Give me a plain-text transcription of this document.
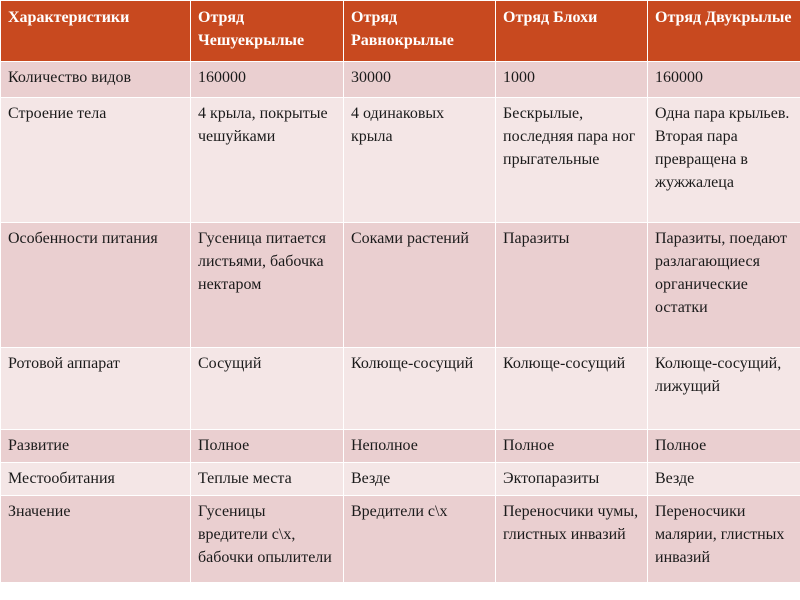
Характеристики	Отряд Чешуекрылые	Отряд Равнокрылые	Отряд Блохи	Отряд Двукрылые
Количество видов	160000	30000	1000	160000
Строение тела	4 крыла, покрытые чешуйками	4 одинаковых крыла	Бескрылые, последняя пара ног прыгательные	Одна пара крыльев. Вторая пара превращена в жужжалеца
Особенности питания	Гусеница питается листьями, бабочка нектаром	Соками растений	Паразиты	Паразиты, поедают разлагающиеся органические остатки
Ротовой аппарат	Сосущий	Колюще-сосущий	Колюще-сосущий	Колюще-сосущий, лижущий
Развитие	Полное	Неполное	Полное	Полное
Местообитания	Теплые места	Везде	Эктопаразиты	Везде
Значение	Гусеницы вредители с\х, бабочки опылители	Вредители с\х	Переносчики чумы, глистных инвазий	Переносчики малярии, глистных инвазий
